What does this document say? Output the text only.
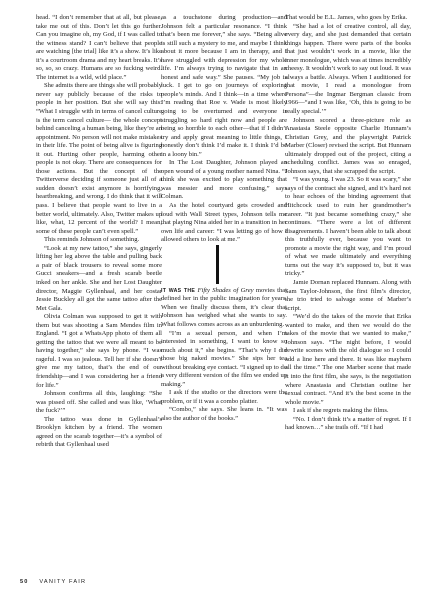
head. “I don’t remember that at all, but please, take me out of this. Don’t let this go further. Can you imagine oh, my God, if I was called to the witness stand? I can’t believe that people are watching [the trial] like it’s a show. It’s like it’s a courtroom drama and my heart breaks. It’s so, so, so crazy. Humans are so fucking weird. The internet is a wild, wild place.”

She admits there are things she will probably never say publicly because of the risks to people in her position. But she will say this: “What I struggle with in terms of cancel culture is the term cancel culture— the whole concept behind canceling a human being, like they’re an appointment. No person will not make mistakes in their life. The point of being alive is figuring it out. Hurting other people, harming other people is not okay. There are consequences for those actions. But the concept of the Twitterverse deciding if someone just all of a sudden doesn’t exist anymore is horrifying, heartbreaking, and wrong. I do think that it will pass. I believe that people want to live in a better world, ultimately. Also, Twitter makes up like, what, 12 percent of the world? I mean, some of these people can’t even spell.”

This reminds Johnson of something.

“Look at my new tattoo,” she says, gingerly lifting her leg above the table and pulling back a pair of black trousers to reveal some more Gucci sneakers—and a fresh scarab beetle inked on her ankle. She and her Lost Daughter director, Maggie Gyllenhaal, and her costar Jessie Buckley all got the same tattoo after the Met Gala.

Olivia Colman was supposed to get it with them but was shooting a Sam Mendes film in England. “I got a WhatsApp photo of them all getting the tattoo that we were all meant to be having together,” she says by phone. “I was rageful. I was so jealous. Tell her if she doesn’t give me my tattoo, that’s the end of our friendship—and I was considering her a friend for life.”

Johnson confirms all this, laughing: “She was pissed off. She called and was like, ‘What the fuck?’”

The tattoo was done in Gyllenhaal’s Brooklyn kitchen by a friend. The women agreed on the scarab together—it’s a symbol of rebirth that Gyllenhaal used

as a touchstone during production—and Johnson felt a particular resonance. “I think that’s been me forever,” she says. “Being alive is still such a mystery to me, and maybe I think about it more because I am in therapy, and I have struggled with depression for my whole life. I’m always trying to navigate that in an honest and safe way.” She pauses. “My job is luck. I get to go on journeys of exploring people’s minds. And I think—in a time where I’m reading that Roe v. Wade is most likely going to be overturned and everyone is struggling so hard right now and people are being so horrible to each other—that if I didn’t try and apply great meaning to little things, I honestly don’t think I’d make it. I think I’d be in a loony bin.”

In The Lost Daughter, Johnson played an open wound of a young mother named Nina. “I think she was excited to play something that was messier and more confusing,” says Colman.

As the hotel courtyard gets crowded and loud with Wall Street types, Johnson tells me that playing Nina aided her in a transition in her own life and career: “I was letting go of how I allowed others to look at me.”

IT WAS THE Fifty Shades of Grey movies that defined her in the public imagination for years. When we finally discuss them, it’s clear that Johnson has weighed what she wants to say. What follows comes across as an unburdening.

“I’m a sexual person, and when I’m interested in something, I want to know so much about it,” she begins. “That’s why I did those big naked movies.” She sips her tea without breaking eye contact. “I signed up to do a very different version of the film we ended up making.”

I ask if the studio or the directors were the problem, or if it was a combo platter.

“Combo,” she says. She leans in. “It was also the author of the books.”

That would be E.L. James, who goes by Erika.

“She had a lot of creative control, all day, every day, and she just demanded that certain things happen. There were parts of the books that just wouldn’t work in a movie, like the inner monologue, which was at times incredibly cheesy. It wouldn’t work to say out loud. It was always a battle. Always. When I auditioned for that movie, I read a monologue from Persona”—the Ingmar Bergman classic from 1966—“and I was like, ‘Oh, this is going to be really special.’”

Johnson scored a three-picture role as Anastasia Steele opposite Charlie Hunnam’s Christian Grey, and the playwright Patrick Marber (Closer) revised the script. But Hunnam ultimately dropped out of the project, citing a scheduling conflict. James was so enraged, Johnson says, that she scrapped the script.

“I was young. I was 23. So it was scary,” she says of the contract she signed, and it’s hard not to hear echoes of the binding agreement that Hitchcock used to ruin her grandmother’s career. “It just became something crazy,” she continues. “There were a lot of different disagreements. I haven’t been able to talk about this truthfully ever, because you want to promote a movie the right way, and I’m proud of what we made ultimately and everything turns out the way it’s supposed to, but it was tricky.”

Jamie Dornan replaced Hunnam. Along with Sam Taylor-Johnson, the first film’s director, the trio tried to salvage some of Marber’s script.

“We’d do the takes of the movie that Erika wanted to make, and then we would do the takes of the movie that we wanted to make,” Johnson says. “The night before, I would rewrite scenes with the old dialogue so I could add a line here and there. It was like mayhem all the time.” The one Marber scene that made it into the first film, she says, is the negotiation where Anastasia and Christian outline her sexual contract. “And it’s the best scene in the whole movie.”

I ask if she regrets making the films.

“No. I don’t think it’s a matter of regret. If I had known…” she trails off. “If I had

50 VANITY FAIR
